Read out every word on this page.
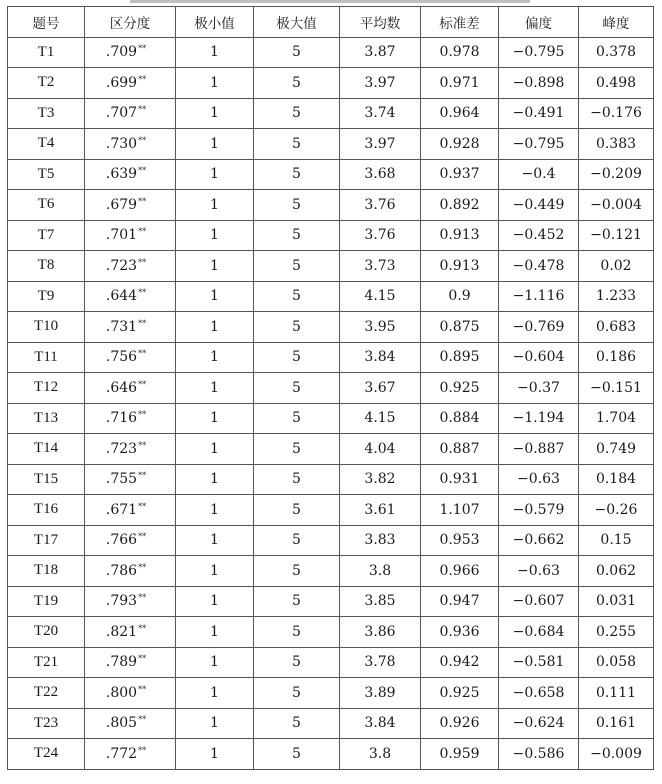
题号	区分度	极小值	极大值	平均数	标准差	偏度	峰度
T1	.709**	1	5	3.87	0.978	−0.795	0.378
T2	.699**	1	5	3.97	0.971	−0.898	0.498
T3	.707**	1	5	3.74	0.964	−0.491	−0.176
T4	.730**	1	5	3.97	0.928	−0.795	0.383
T5	.639**	1	5	3.68	0.937	−0.4	−0.209
T6	.679**	1	5	3.76	0.892	−0.449	−0.004
T7	.701**	1	5	3.76	0.913	−0.452	−0.121
T8	.723**	1	5	3.73	0.913	−0.478	0.02
T9	.644**	1	5	4.15	0.9	−1.116	1.233
T10	.731**	1	5	3.95	0.875	−0.769	0.683
T11	.756**	1	5	3.84	0.895	−0.604	0.186
T12	.646**	1	5	3.67	0.925	−0.37	−0.151
T13	.716**	1	5	4.15	0.884	−1.194	1.704
T14	.723**	1	5	4.04	0.887	−0.887	0.749
T15	.755**	1	5	3.82	0.931	−0.63	0.184
T16	.671**	1	5	3.61	1.107	−0.579	−0.26
T17	.766**	1	5	3.83	0.953	−0.662	0.15
T18	.786**	1	5	3.8	0.966	−0.63	0.062
T19	.793**	1	5	3.85	0.947	−0.607	0.031
T20	.821**	1	5	3.86	0.936	−0.684	0.255
T21	.789**	1	5	3.78	0.942	−0.581	0.058
T22	.800**	1	5	3.89	0.925	−0.658	0.111
T23	.805**	1	5	3.84	0.926	−0.624	0.161
T24	.772**	1	5	3.8	0.959	−0.586	−0.009
